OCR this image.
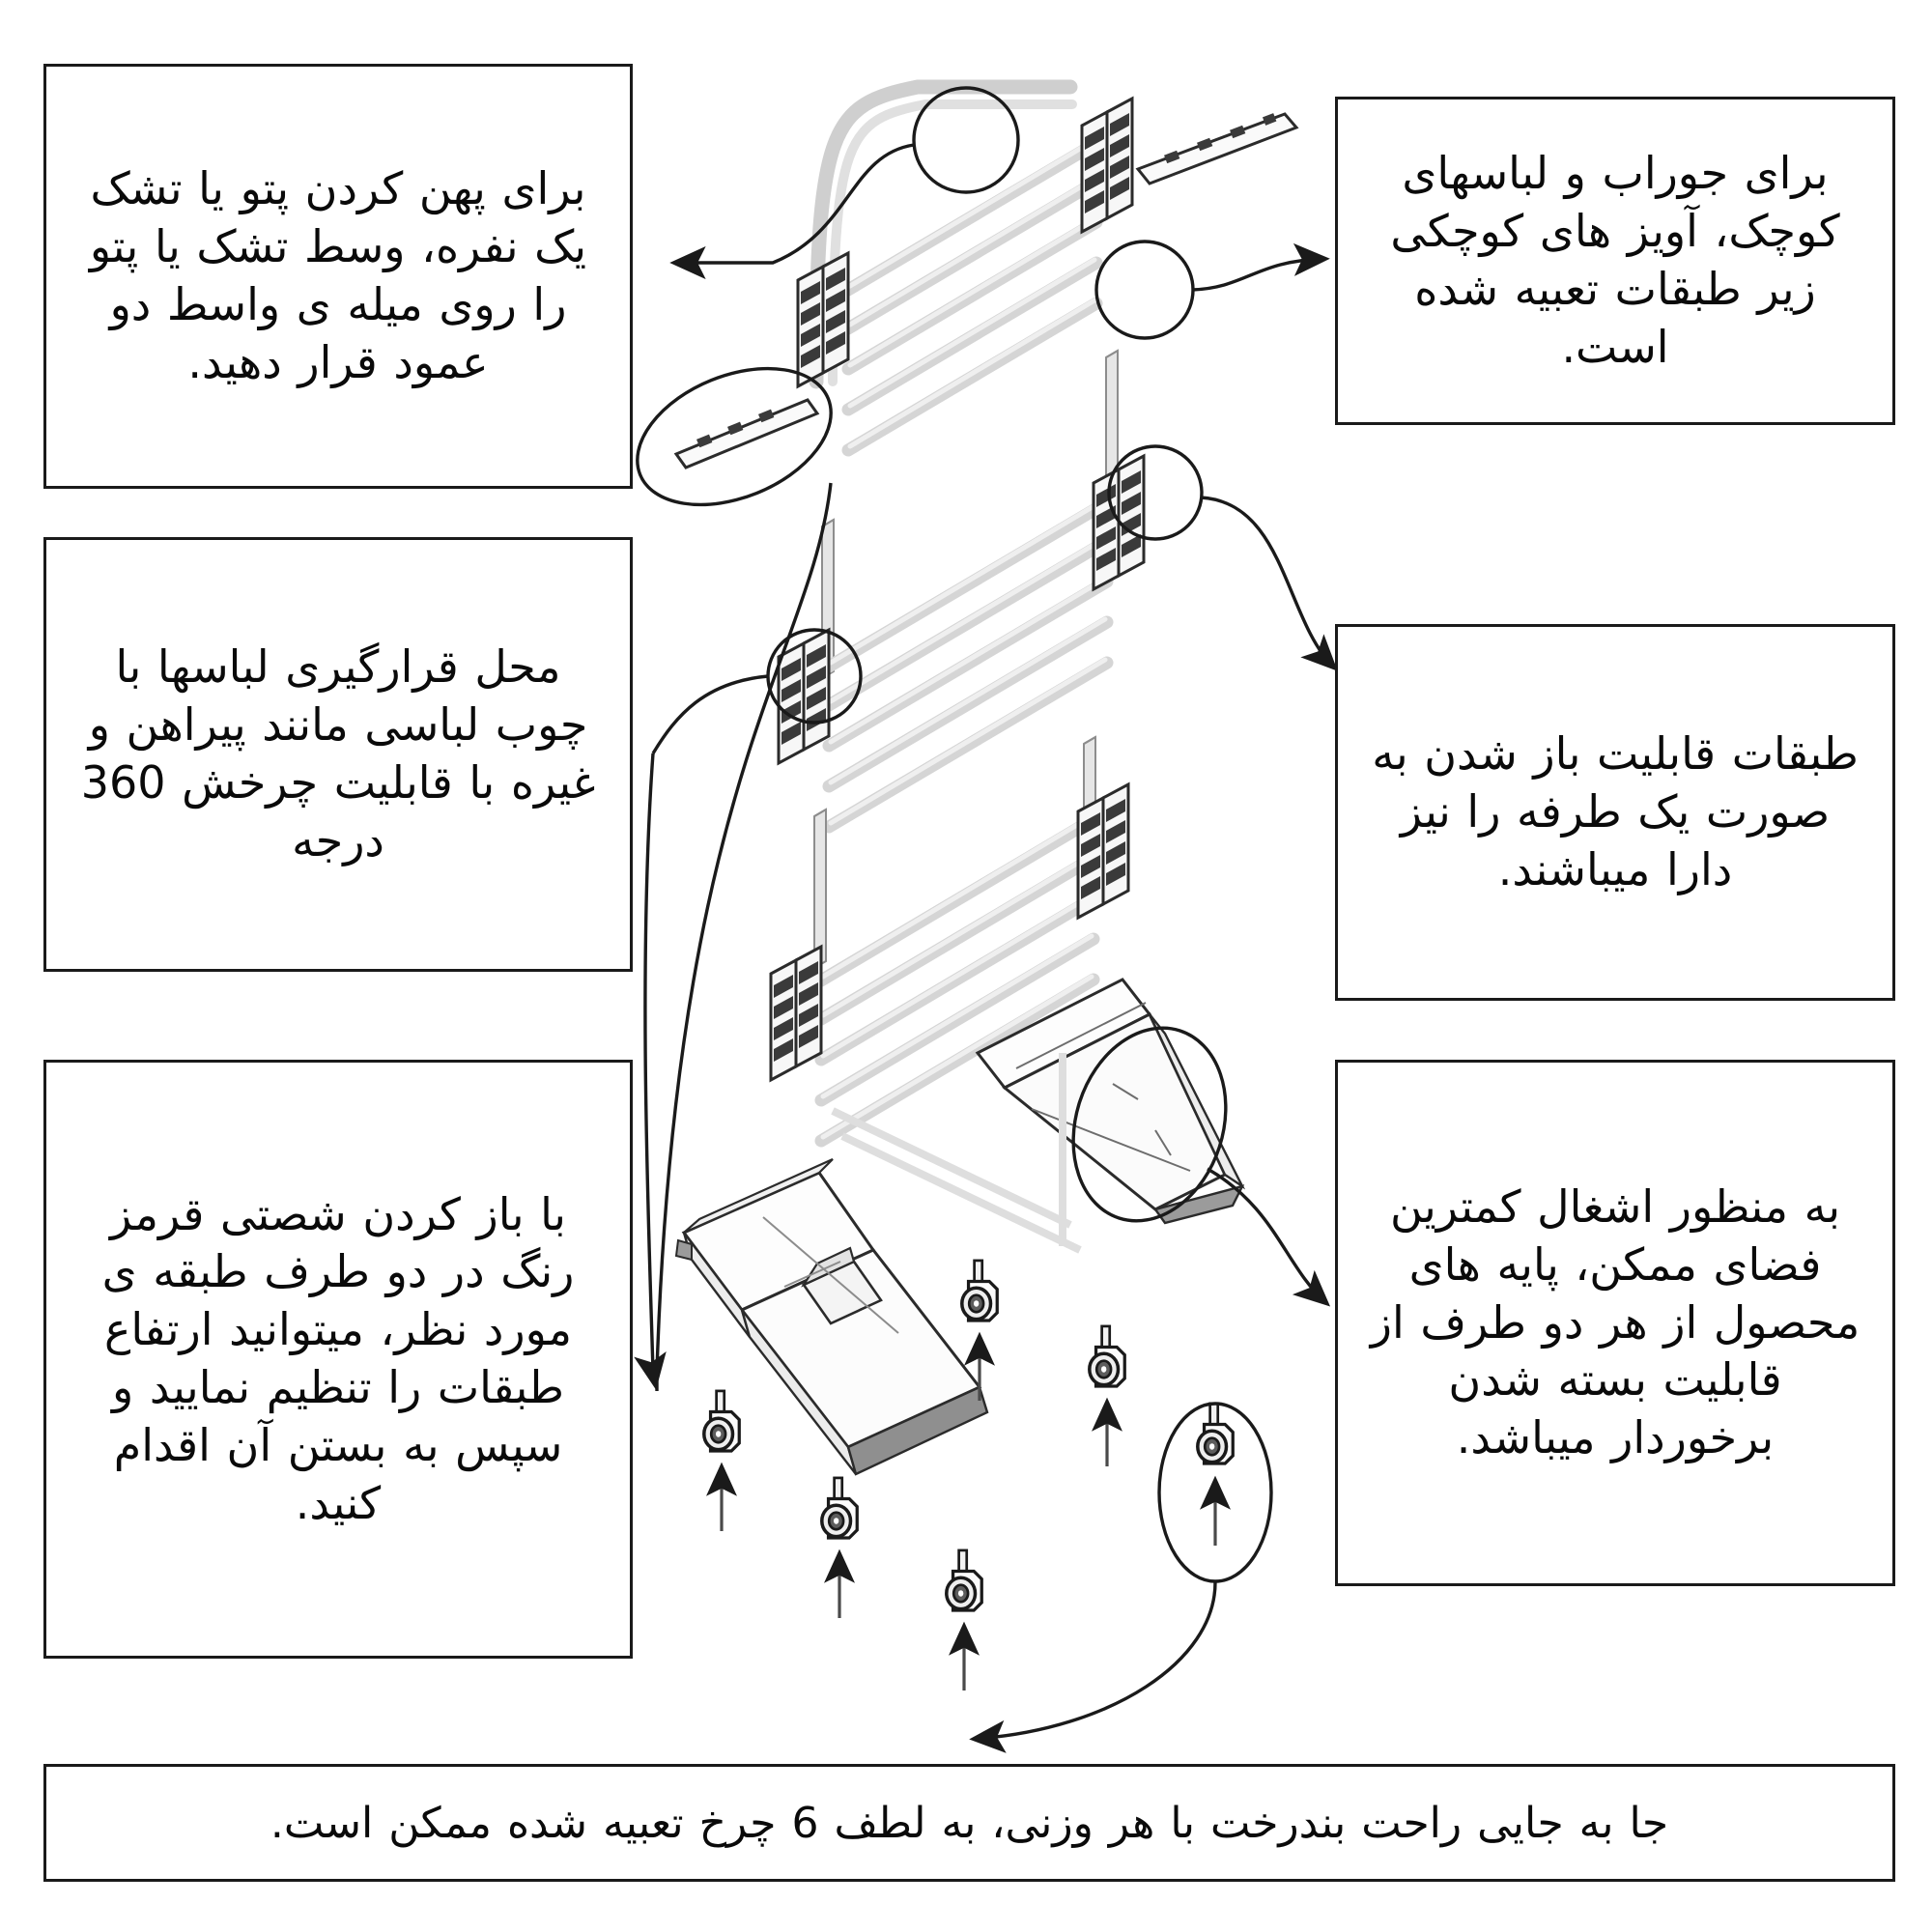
برای پهن کردن پتو یا تشک یک نفره، وسط تشک یا پتو را روی میله ی واسط دو عمود قرار دهید.

برای جوراب و لباسهای کوچک، آویز های کوچکی زیر طبقات تعبیه شده است.

محل قرارگیری لباسها با چوب لباسی مانند پیراهن و غیره با قابلیت چرخش 360 درجه

طبقات قابلیت باز شدن به صورت یک طرفه را نیز دارا میباشند.

با باز کردن شصتی قرمز رنگ در دو طرف طبقه ی مورد نظر، میتوانید ارتفاع طبقات را تنظیم نمایید و سپس به بستن آن اقدام کنید.

به منظور اشغال کمترین فضای ممکن، پایه های محصول از هر دو طرف از قابلیت بسته شدن برخوردار میباشد.

جا به جایی راحت بندرخت با هر وزنی، به لطف 6 چرخ تعبیه شده ممکن است.
